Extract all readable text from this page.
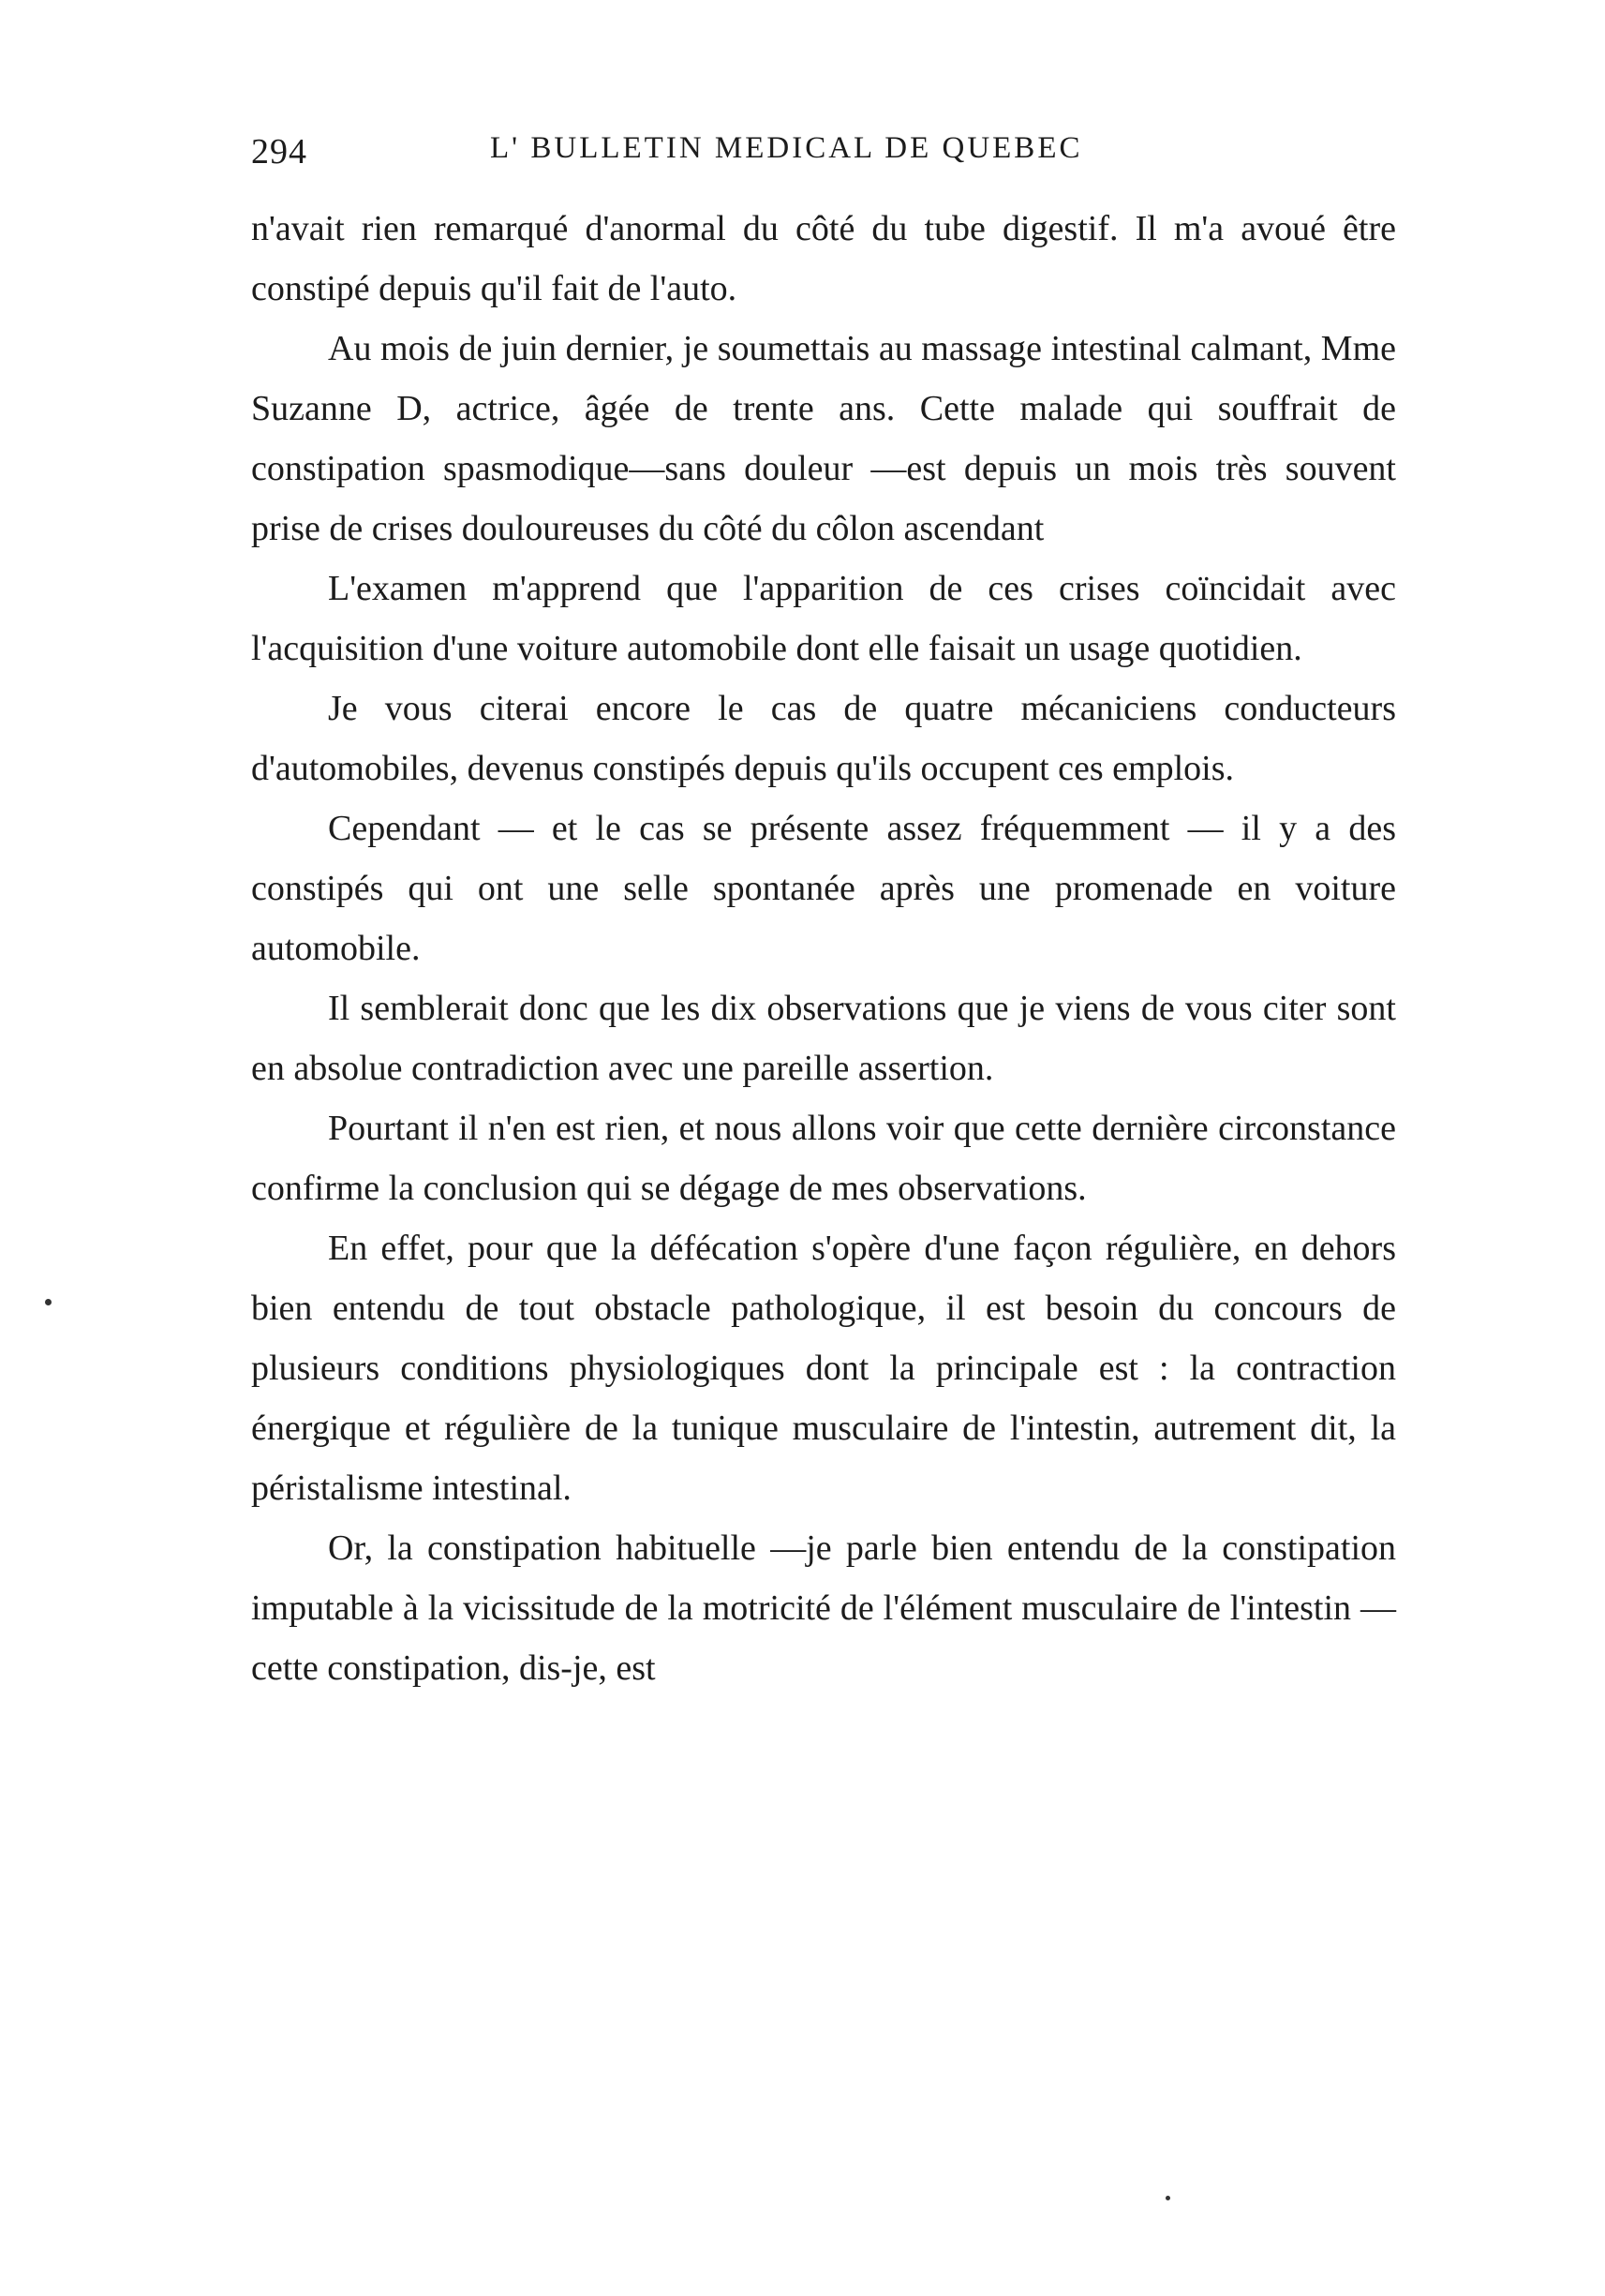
294	L' BULLETIN MEDICAL DE QUEBEC

n'avait rien remarqué d'anormal du côté du tube digestif. Il m'a avoué être constipé depuis qu'il fait de l'auto.

Au mois de juin dernier, je soumettais au massage intestinal calmant, Mme Suzanne D, actrice, âgée de trente ans. Cette malade qui souffrait de constipation spasmodique—sans douleur —est depuis un mois très souvent prise de crises douloureuses du côté du côlon ascendant

L'examen m'apprend que l'apparition de ces crises coïncidait avec l'acquisition d'une voiture automobile dont elle faisait un usage quotidien.

Je vous citerai encore le cas de quatre mécaniciens conducteurs d'automobiles, devenus constipés depuis qu'ils occupent ces emplois.

Cependant — et le cas se présente assez fréquemment — il y a des constipés qui ont une selle spontanée après une promenade en voiture automobile.

Il semblerait donc que les dix observations que je viens de vous citer sont en absolue contradiction avec une pareille assertion.

Pourtant il n'en est rien, et nous allons voir que cette dernière circonstance confirme la conclusion qui se dégage de mes observations.

En effet, pour que la défécation s'opère d'une façon régulière, en dehors bien entendu de tout obstacle pathologique, il est besoin du concours de plusieurs conditions physiologiques dont la principale est : la contraction énergique et régulière de la tunique musculaire de l'intestin, autrement dit, la péristalisme intestinal.

Or, la constipation habituelle —je parle bien entendu de la constipation imputable à la vicissitude de la motricité de l'élément musculaire de l'intestin — cette constipation, dis-je, est
